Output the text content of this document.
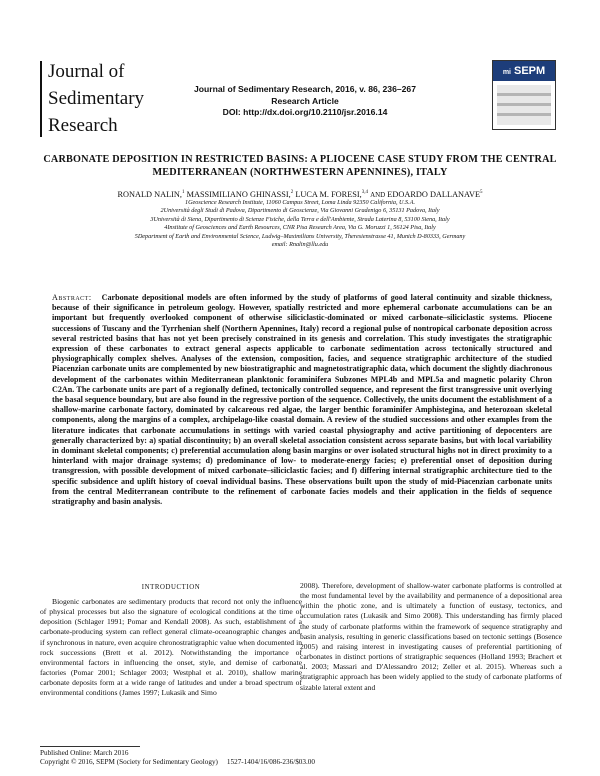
Journal of
Sedimentary
Research
Journal of Sedimentary Research, 2016, v. 86, 236–267
Research Article
DOI: http://dx.doi.org/10.2110/jsr.2016.14
mi SEPM
CARBONATE DEPOSITION IN RESTRICTED BASINS: A PLIOCENE CASE STUDY FROM THE CENTRAL MEDITERRANEAN (NORTHWESTERN APENNINES), ITALY
RONALD NALIN,$^1$ MASSIMILIANO GHINASSI,$^2$ LUCA M. FORESI,$^{3,4}$ AND EDOARDO DALLANAVE$^5$
1Geoscience Research Institute, 11060 Campus Street, Loma Linda 92350 California, U.S.A.
2Università degli Studi di Padova, Dipartimento di Geoscienze, Via Giovanni Gradenigo 6, 35131 Padova, Italy
3Università di Siena, Dipartimento di Scienze Fisiche, della Terra e dell'Ambiente, Strada Laterina 8, 53100 Siena, Italy
4Institute of Geosciences and Earth Resources, CNR Pisa Research Area, Via G. Moruzzi 1, 56124 Pisa, Italy
5Department of Earth and Environmental Science, Ludwig–Maximilians University, Theresienstrasse 41, Munich D-80333, Germany
email: Rnalin@llu.edu
Abstract: Carbonate depositional models are often informed by the study of platforms of good lateral continuity and sizable thickness, because of their significance in petroleum geology. However, spatially restricted and more ephemeral carbonate accumulations can be an important but frequently overlooked component of otherwise siliciclastic-dominated or mixed carbonate–siliciclastic systems. Pliocene successions of Tuscany and the Tyrrhenian shelf (Northern Apennines, Italy) record a regional pulse of nontropical carbonate deposition across several restricted basins that has not yet been precisely constrained in its genesis and correlation. This study investigates the stratigraphic expression of these carbonates to extract general aspects applicable to carbonate sedimentation across tectonically structured and physiographically complex shelves. Analyses of the extension, composition, facies, and sequence stratigraphic architecture of the studied Piacenzian carbonate units are complemented by new biostratigraphic and magnetostratigraphic data, which document the slightly diachronous development of the carbonates within Mediterranean planktonic foraminifera Subzones MPL4b and MPL5a and magnetic polarity Chron C2An. The carbonate units are part of a regionally defined, tectonically controlled sequence, and represent the first transgressive unit overlying the basal sequence boundary, but are also found in the regressive portion of the sequence. Collectively, the units document the establishment of a shallow-marine carbonate factory, dominated by calcareous red algae, the larger benthic foraminifer Amphistegina, and heterozoan skeletal components, along the margins of a complex, archipelago-like coastal domain. A review of the studied successions and other examples from the literature indicates that carbonate accumulations in settings with varied coastal physiography and active partitioning of depocenters are generally characterized by: a) spatial discontinuity; b) an overall skeletal association consistent across separate basins, but with local variability in dominant skeletal components; c) preferential accumulation along basin margins or over isolated structural highs not in direct proximity to a hinterland with major drainage systems; d) predominance of low- to moderate-energy facies; e) preferential onset of deposition during transgression, with possible development of mixed carbonate–siliciclastic facies; and f) differing internal stratigraphic architecture tied to the specific subsidence and uplift history of coeval individual basins. These observations built upon the study of mid-Piacenzian carbonate units from the central Mediterranean contribute to the refinement of carbonate facies models and their application in the fields of sequence stratigraphy and basin analysis.
INTRODUCTION
Biogenic carbonates are sedimentary products that record not only the influence of physical processes but also the signature of ecological conditions at the time of deposition (Schlager 1991; Pomar and Kendall 2008). As such, establishment of a carbonate-producing system can reflect general climate-oceanographic changes and, if synchronous in nature, even acquire chronostratigraphic value when documented in rock successions (Brett et al. 2012). Notwithstanding the importance of environmental factors in influencing the onset, style, and demise of carbonate factories (Pomar 2001; Schlager 2003; Westphal et al. 2010), shallow marine carbonate deposits form at a wide range of latitudes and under a broad spectrum of environmental conditions (James 1997; Lukasik and Simo
2008). Therefore, development of shallow-water carbonate platforms is controlled at the most fundamental level by the availability and permanence of a depositional area within the photic zone, and is ultimately a function of eustasy, tectonics, and accumulation rates (Lukasik and Simo 2008). This understanding has firmly placed the study of carbonate platforms within the framework of sequence stratigraphy and basin analysis, resulting in generic classifications based on tectonic settings (Bosence 2005) and raising interest in investigating causes of preferential partitioning of carbonates in distinct portions of stratigraphic sequences (Holland 1993; Brachert et al. 2003; Massari and D'Alessandro 2012; Zeller et al. 2015). Whereas such a stratigraphic approach has been widely applied to the study of carbonate platforms of sizable lateral extent and
Published Online: March 2016
Copyright © 2016, SEPM (Society for Sedimentary Geology)     1527-1404/16/086-236/$03.00
